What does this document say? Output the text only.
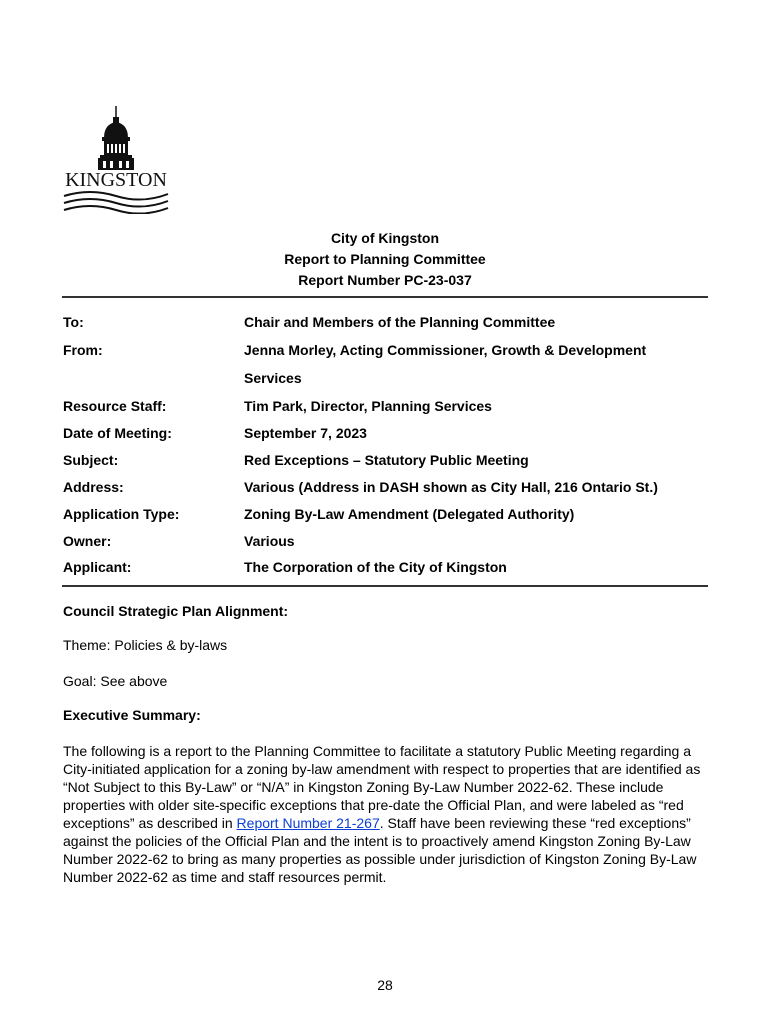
KINGSTON
City of Kingston
Report to Planning Committee
Report Number PC-23-037
To:	Chair and Members of the Planning Committee
From:	Jenna Morley, Acting Commissioner, Growth & Development
Services
Resource Staff:	Tim Park, Director, Planning Services
Date of Meeting:	September 7, 2023
Subject:	Red Exceptions – Statutory Public Meeting
Address:	Various (Address in DASH shown as City Hall, 216 Ontario St.)
Application Type:	Zoning By-Law Amendment (Delegated Authority)
Owner:	Various
Applicant:	The Corporation of the City of Kingston
Council Strategic Plan Alignment:
Theme: Policies & by-laws
Goal: See above
Executive Summary:
The following is a report to the Planning Committee to facilitate a statutory Public Meeting regarding a City-initiated application for a zoning by-law amendment with respect to properties that are identified as “Not Subject to this By-Law” or “N/A” in Kingston Zoning By-Law Number 2022-62. These include properties with older site-specific exceptions that pre-date the Official Plan, and were labeled as “red exceptions” as described in Report Number 21-267. Staff have been reviewing these “red exceptions” against the policies of the Official Plan and the intent is to proactively amend Kingston Zoning By-Law Number 2022-62 to bring as many properties as possible under jurisdiction of Kingston Zoning By-Law Number 2022-62 as time and staff resources permit.
28
